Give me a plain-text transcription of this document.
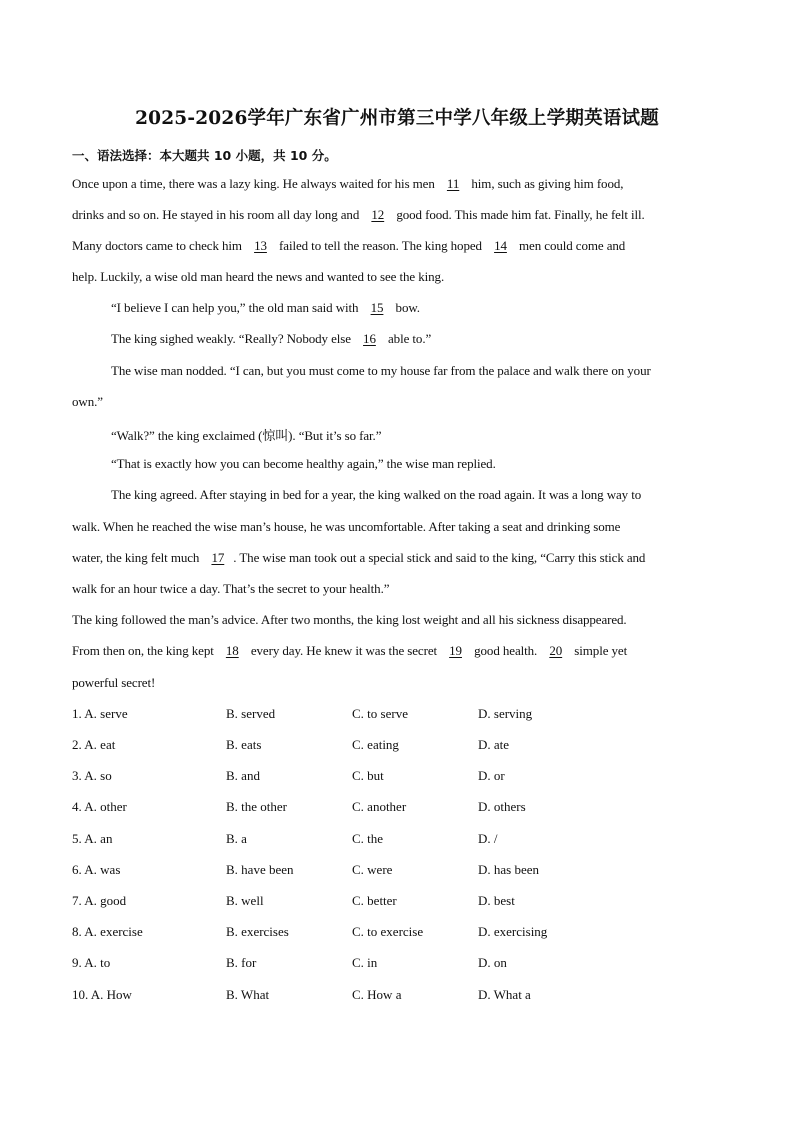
2025-2026学年广东省广州市第三中学八年级上学期英语试题
一、语法选择：本大题共 10 小题，共 10 分。
Once upon a time, there was a lazy king. He always waited for his men 11 him, such as giving him food,
drinks and so on. He stayed in his room all day long and 12 good food. This made him fat. Finally, he felt ill.
Many doctors came to check him 13 failed to tell the reason. The king hoped 14 men could come and
help. Luckily, a wise old man heard the news and wanted to see the king.
“I believe I can help you,” the old man said with 15 bow.
The king sighed weakly. “Really? Nobody else 16 able to.”
The wise man nodded. “I can, but you must come to my house far from the palace and walk there on your
own.”
“Walk?” the king exclaimed (惊叫). “But it’s so far.”
“That is exactly how you can become healthy again,” the wise man replied.
The king agreed. After staying in bed for a year, the king walked on the road again. It was a long way to
walk. When he reached the wise man’s house, he was uncomfortable. After taking a seat and drinking some
water, the king felt much 17 . The wise man took out a special stick and said to the king, “Carry this stick and
walk for an hour twice a day. That’s the secret to your health.”
The king followed the man’s advice. After two months, the king lost weight and all his sickness disappeared.
From then on, the king kept 18 every day. He knew it was the secret 19 good health. 20 simple yet
powerful secret!
1. A. serve	B. served	C. to serve	D. serving
2. A. eat	B. eats	C. eating	D. ate
3. A. so	B. and	C. but	D. or
4. A. other	B. the other	C. another	D. others
5. A. an	B. a	C. the	D. /
6. A. was	B. have been	C. were	D. has been
7. A. good	B. well	C. better	D. best
8. A. exercise	B. exercises	C. to exercise	D. exercising
9. A. to	B. for	C. in	D. on
10. A. How	B. What	C. How a	D. What a
